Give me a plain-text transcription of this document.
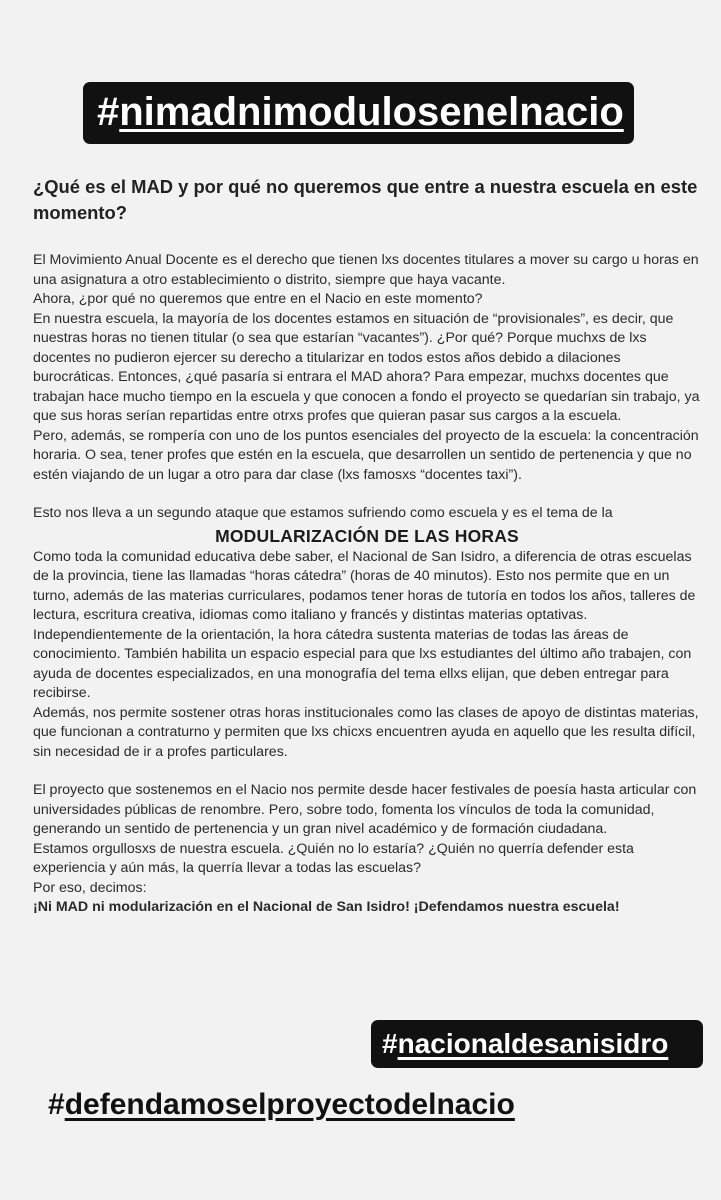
#nimadnimodulosenelnacio

¿Qué es el MAD y por qué no queremos que entre a nuestra escuela en este momento?

El Movimiento Anual Docente es el derecho que tienen lxs docentes titulares a mover su cargo u horas en una asignatura a otro establecimiento o distrito, siempre que haya vacante.

Ahora, ¿por qué no queremos que entre en el Nacio en este momento?

En nuestra escuela, la mayoría de los docentes estamos en situación de “provisionales”, es decir, que nuestras horas no tienen titular (o sea que estarían “vacantes”). ¿Por qué? Porque muchxs de lxs docentes no pudieron ejercer su derecho a titularizar en todos estos años debido a dilaciones burocráticas. Entonces, ¿qué pasaría si entrara el MAD ahora? Para empezar, muchxs docentes que trabajan hace mucho tiempo en la escuela y que conocen a fondo el proyecto se quedarían sin trabajo, ya que sus horas serían repartidas entre otrxs profes que quieran pasar sus cargos a la escuela.

Pero, además, se rompería con uno de los puntos esenciales del proyecto de la escuela: la concentración horaria. O sea, tener profes que estén en la escuela, que desarrollen un sentido de pertenencia y que no estén viajando de un lugar a otro para dar clase (lxs famosxs “docentes taxi”).

Esto nos lleva a un segundo ataque que estamos sufriendo como escuela y es el tema de la

MODULARIZACIÓN DE LAS HORAS

Como toda la comunidad educativa debe saber, el Nacional de San Isidro, a diferencia de otras escuelas de la provincia, tiene las llamadas “horas cátedra” (horas de 40 minutos). Esto nos permite que en un turno, además de las materias curriculares, podamos tener horas de tutoría en todos los años, talleres de lectura, escritura creativa, idiomas como italiano y francés y distintas materias optativas. Independientemente de la orientación, la hora cátedra sustenta materias de todas las áreas de conocimiento. También habilita un espacio especial para que lxs estudiantes del último año trabajen, con ayuda de docentes especializados, en una monografía del tema ellxs elijan, que deben entregar para recibirse.

Además, nos permite sostener otras horas institucionales como las clases de apoyo de distintas materias, que funcionan a contraturno y permiten que lxs chicxs encuentren ayuda en aquello que les resulta difícil, sin necesidad de ir a profes particulares.

El proyecto que sostenemos en el Nacio nos permite desde hacer festivales de poesía hasta articular con universidades públicas de renombre. Pero, sobre todo, fomenta los vínculos de toda la comunidad, generando un sentido de pertenencia y un gran nivel académico y de formación ciudadana.

Estamos orgullosxs de nuestra escuela. ¿Quién no lo estaría? ¿Quién no querría defender esta experiencia y aún más, la querría llevar a todas las escuelas?

Por eso, decimos:

¡Ni MAD ni modularización en el Nacional de San Isidro! ¡Defendamos nuestra escuela!

#nacionaldesanisidro
#defendamoselproyectodelnacio
